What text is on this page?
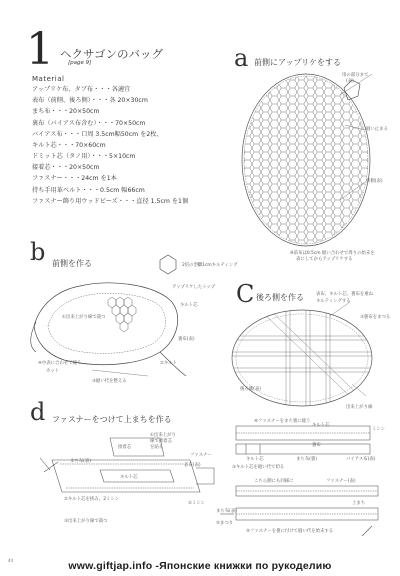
1 ヘクサゴンのバッグ
[page 9]
Material
アップリケ布、タブ布・・・各適宜
表布（前側、後ろ側）・・・各 20×30cm
まち布・・・20×50cm
裏布（バイアス布含む）・・・70×50cm
バイアス布・・・口周 3.5cm幅50cm を2枚、
キルト芯・・・70×60cm
ドミット芯（タノ用）・・・5×10cm
接着芯・・・20×50cm
ファスナー・・・24cm を1本
持ち手用革ベルト・・・0.5cm 幅66cm
ファスナー飾り用ウッドビーズ・・・直径 1.5cm を1個
a 前側にアップリケをする
串の部分まで
(表)
縫い止まる
前側(表)
※前布は0.5cm 縫い合わせで周りの始末を
表にしてからアップリケする
b 前側を作る	2倍の型紙
0.1cmキルティング
アップリケしたトップ
①出来上がり線で裁つ
キルト芯
裏布(表)
②キルト
④中表に合わせて縫う
カット
③縫い代を整える
C 後ろ側を作る	表布、キルト芯、裏布を重ね
キルティングする
③裏布をまつる
後ろ側(表)
出来上がり線
d ファスナーをつけて上まちを作る
①出来上がり
線で接着芯
を貼る
まち布(表)
接着芯
ファスナー
キルト芯
表布(表)
②キルト芯を挟み、2ミシン
②ミシン
③出来上がり線で裁つ
④ファスナーをまち裏に縫う
キルト芯
裏布
ミシン
バイアス布(表)
まち布(裏)
キルト芯
③キルト芯を縫い代で切る
こちら側にも同様に	ファスナー(表)
上まち
⑤ファスナーを裏に付けて縫い代を始末する
⑤まつり
まち布(表)
44	www.giftjap.info -Японские книжки по рукоделию
